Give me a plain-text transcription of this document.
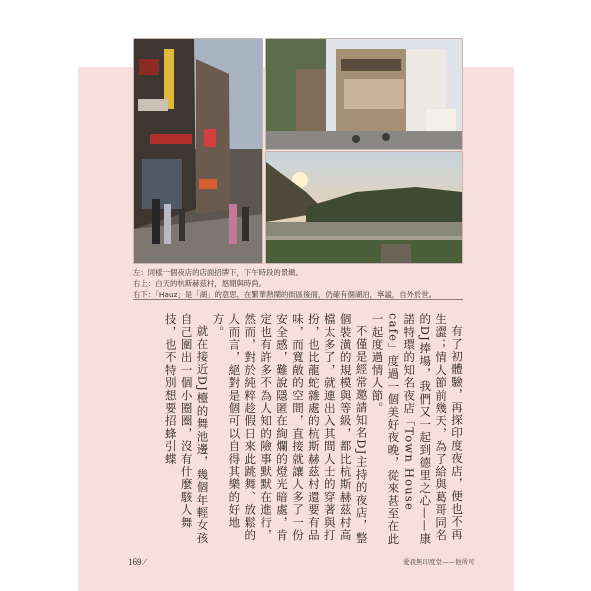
左：同樣一個夜店的店面招牌下，下午時段的景緻。
右上：白天的杭斯赫茲村，悠閒與時尚。
右下：「Hauz」是「湖」的意思，在繁華熱鬧的街區後面，仍確有個湖泊，寧謐，自外於世。

有了初體驗，再探印度夜店，便也不再生澀；情人節前幾天，為了給與葛哥同名的DJ捧場，我們又一起到德里之心——康諾特環的知名夜店「Town House cafe」度過一個美好夜晚，從來甚至在此一起度過情人節。

不僅是經常邀請知名DJ主持的夜店，整個裝潢的規模與等級，都比杭斯赫茲村高檔太多了，就連出入其間人士的穿著與打扮，也比龍蛇雜處的杭斯赫茲村還要有品味，而寬敞的空間，直接就讓人多了一份安全感，難說隱匿在絢爛的燈光暗處，肯定也有許多不為人知的險事默默在進行，然而，對於純粹趁假日來此跳舞、放鬆的人而言，絕對是個可以自得其樂的好地方。

就在接近DJ檯的舞池邊，幾個年輕女孩自己圍出一個小圈圈，沒有什麼駭人舞技，也不特別想要招蜂引蝶

169 ∕	愛我無印度堂——他所可
